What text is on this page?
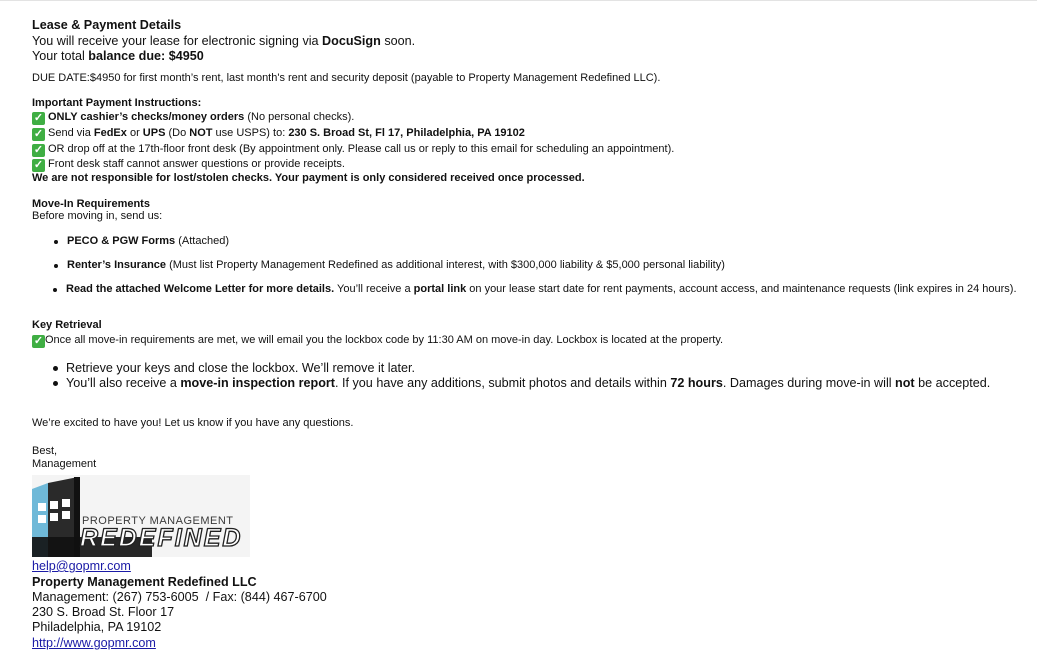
Lease & Payment Details
You will receive your lease for electronic signing via DocuSign soon.
Your total balance due: $4950
DUE DATE:$4950 for first month’s rent, last month's rent and security deposit (payable to Property Management Redefined LLC).
Important Payment Instructions:
✓ ONLY cashier’s checks/money orders (No personal checks).
✓ Send via FedEx or UPS (Do NOT use USPS) to: 230 S. Broad St, Fl 17, Philadelphia, PA 19102
✓ OR drop off at the 17th-floor front desk (By appointment only. Please call us or reply to this email for scheduling an appointment).
✓ Front desk staff cannot answer questions or provide receipts.
We are not responsible for lost/stolen checks. Your payment is only considered received once processed.
Move-In Requirements
Before moving in, send us:
PECO & PGW Forms (Attached)
Renter’s Insurance (Must list Property Management Redefined as additional interest, with $300,000 liability & $5,000 personal liability)
Read the attached Welcome Letter for more details. You’ll receive a portal link on your lease start date for rent payments, account access, and maintenance requests (link expires in 24 hours).
Key Retrieval
✓ Once all move-in requirements are met, we will email you the lockbox code by 11:30 AM on move-in day. Lockbox is located at the property.
Retrieve your keys and close the lockbox. We’ll remove it later.
You’ll also receive a move-in inspection report. If you have any additions, submit photos and details within 72 hours. Damages during move-in will not be accepted.
We’re excited to have you! Let us know if you have any questions.
Best,
Management
PROPERTY MANAGEMENT
REDEFINED
help@gopmr.com
Property Management Redefined LLC
Management: (267) 753-6005  / Fax: (844) 467-6700
230 S. Broad St. Floor 17
Philadelphia, PA 19102
http://www.gopmr.com
